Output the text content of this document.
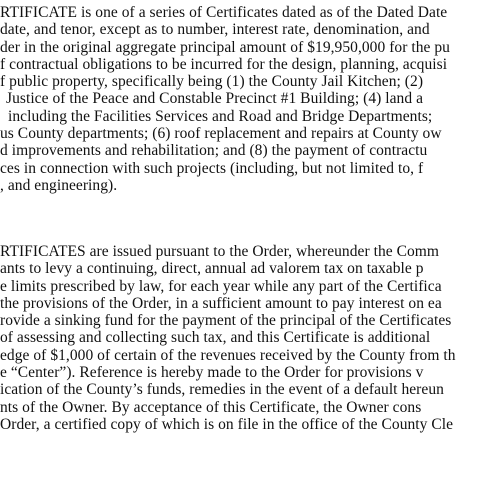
RTIFICATE is one of a series of Certificates dated as of the Dated Date
date, and tenor, except as to number, interest rate, denomination, and
der in the original aggregate principal amount of $19,950,000 for the pu
f contractual obligations to be incurred for the design, planning, acquisi
f public property, specifically being (1) the County Jail Kitchen; (2)
Justice of the Peace and Constable Precinct #1 Building; (4) land a
including the Facilities Services and Road and Bridge Departments;
us County departments; (6) roof replacement and repairs at County ow
d improvements and rehabilitation; and (8) the payment of contractu
ces in connection with such projects (including, but not limited to, f
, and engineering).
RTIFICATES are issued pursuant to the Order, whereunder the Comm
ants to levy a continuing, direct, annual ad valorem tax on taxable p
e limits prescribed by law, for each year while any part of the Certifica
the provisions of the Order, in a sufficient amount to pay interest on ea
rovide a sinking fund for the payment of the principal of the Certificates
of assessing and collecting such tax, and this Certificate is additional
edge of $1,000 of certain of the revenues received by the County from th
e “Center”). Reference is hereby made to the Order for provisions v
ication of the County’s funds, remedies in the event of a default hereun
nts of the Owner. By acceptance of this Certificate, the Owner cons
Order, a certified copy of which is on file in the office of the County Cle
